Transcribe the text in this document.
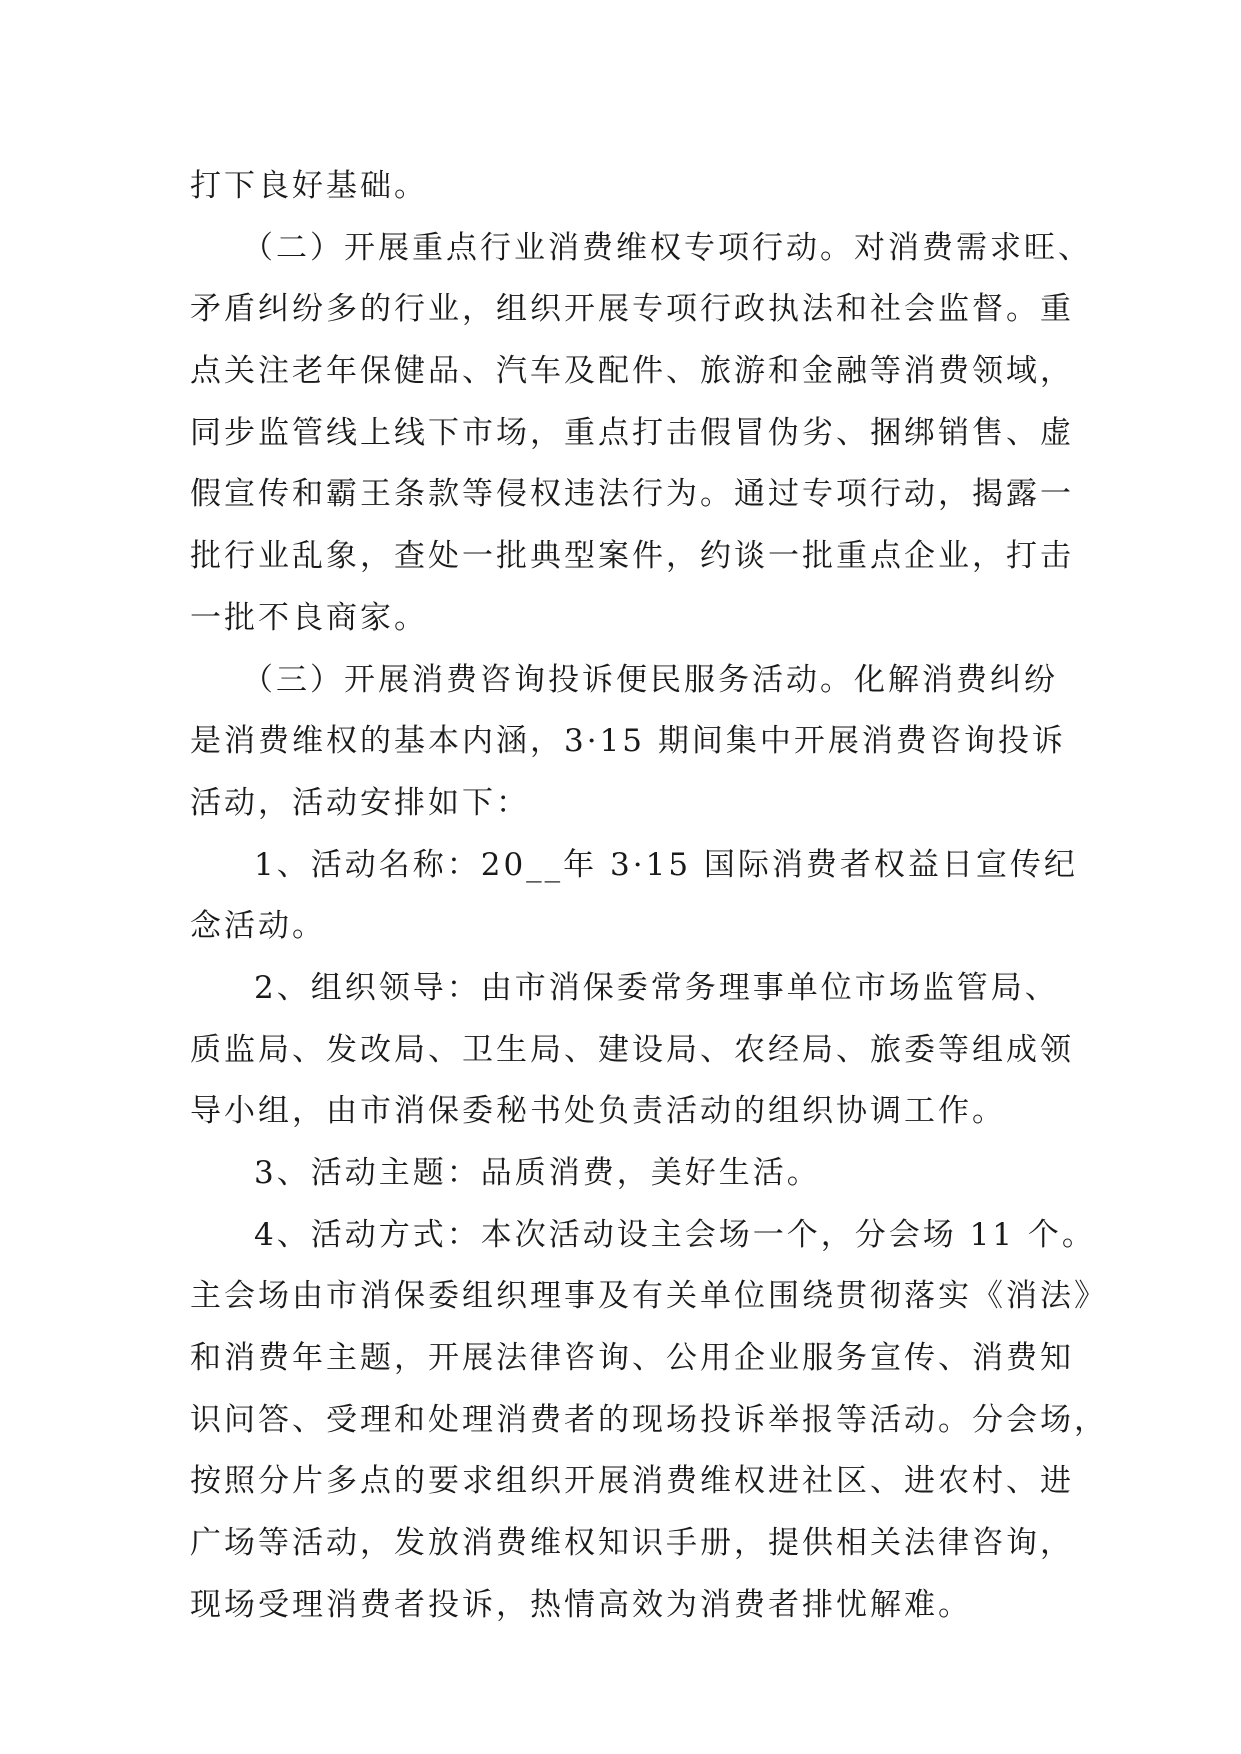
打下良好基础。
（二）开展重点行业消费维权专项行动。对消费需求旺、
矛盾纠纷多的行业，组织开展专项行政执法和社会监督。重
点关注老年保健品、汽车及配件、旅游和金融等消费领域，
同步监管线上线下市场，重点打击假冒伪劣、捆绑销售、虚
假宣传和霸王条款等侵权违法行为。通过专项行动，揭露一
批行业乱象，查处一批典型案件，约谈一批重点企业，打击
一批不良商家。
（三）开展消费咨询投诉便民服务活动。化解消费纠纷
是消费维权的基本内涵，3·15 期间集中开展消费咨询投诉
活动，活动安排如下：
1、活动名称：20__年 3·15 国际消费者权益日宣传纪
念活动。
2、组织领导：由市消保委常务理事单位市场监管局、
质监局、发改局、卫生局、建设局、农经局、旅委等组成领
导小组，由市消保委秘书处负责活动的组织协调工作。
3、活动主题：品质消费，美好生活。
4、活动方式：本次活动设主会场一个，分会场 11 个。
主会场由市消保委组织理事及有关单位围绕贯彻落实《消法》
和消费年主题，开展法律咨询、公用企业服务宣传、消费知
识问答、受理和处理消费者的现场投诉举报等活动。分会场，
按照分片多点的要求组织开展消费维权进社区、进农村、进
广场等活动，发放消费维权知识手册，提供相关法律咨询，
现场受理消费者投诉，热情高效为消费者排忧解难。
